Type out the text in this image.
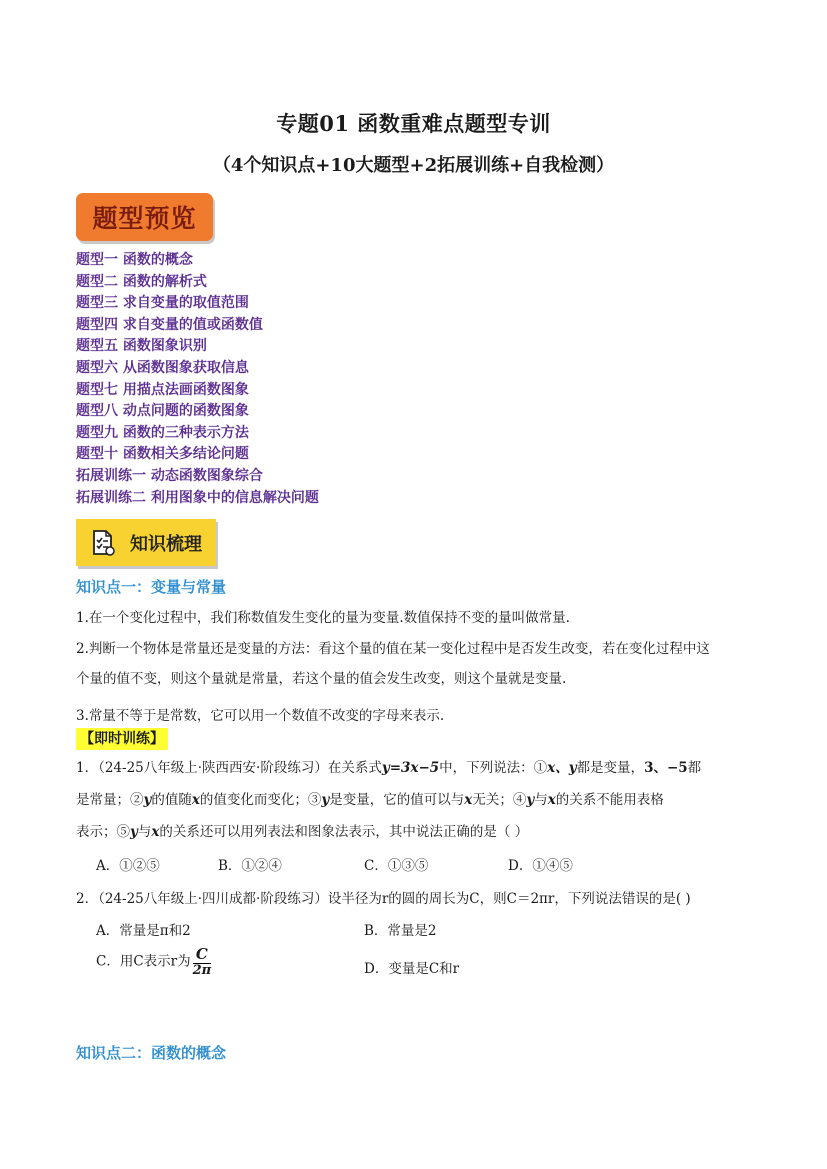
专题01 函数重难点题型专训
（4个知识点+10大题型+2拓展训练+自我检测）
题型预览
题型一 函数的概念
题型二 函数的解析式
题型三 求自变量的取值范围
题型四 求自变量的值或函数值
题型五 函数图象识别
题型六 从函数图象获取信息
题型七 用描点法画函数图象
题型八 动点问题的函数图象
题型九 函数的三种表示方法
题型十 函数相关多结论问题
拓展训练一 动态函数图象综合
拓展训练二 利用图象中的信息解决问题
知识梳理
知识点一：变量与常量
1.在一个变化过程中，我们称数值发生变化的量为变量.数值保持不变的量叫做常量.
2.判断一个物体是常量还是变量的方法：看这个量的值在某一变化过程中是否发生改变，若在变化过程中这
个量的值不变，则这个量就是常量，若这个量的值会发生改变，则这个量就是变量.
3.常量不等于是常数，它可以用一个数值不改变的字母来表示.
【即时训练】
1．（24-25八年级上·陕西西安·阶段练习）在关系式y=3x−5中，下列说法：①x、y都是变量，3、−5都
是常量；②y的值随x的值变化而变化；③y是变量，它的值可以与x无关；④y与x的关系不能用表格
表示；⑤y与x的关系还可以用列表法和图象法表示，其中说法正确的是（ ）
A．①②⑤	B．①②④	C．①③⑤	D．①④⑤
2．（24-25八年级上·四川成都·阶段练习）设半径为r的圆的周长为C，则C＝2πr，下列说法错误的是( )
A．常量是π和2	B．常量是2
C．用C表示r为 $\frac{C}{2\pi}$	D．变量是C和r
知识点二：函数的概念
